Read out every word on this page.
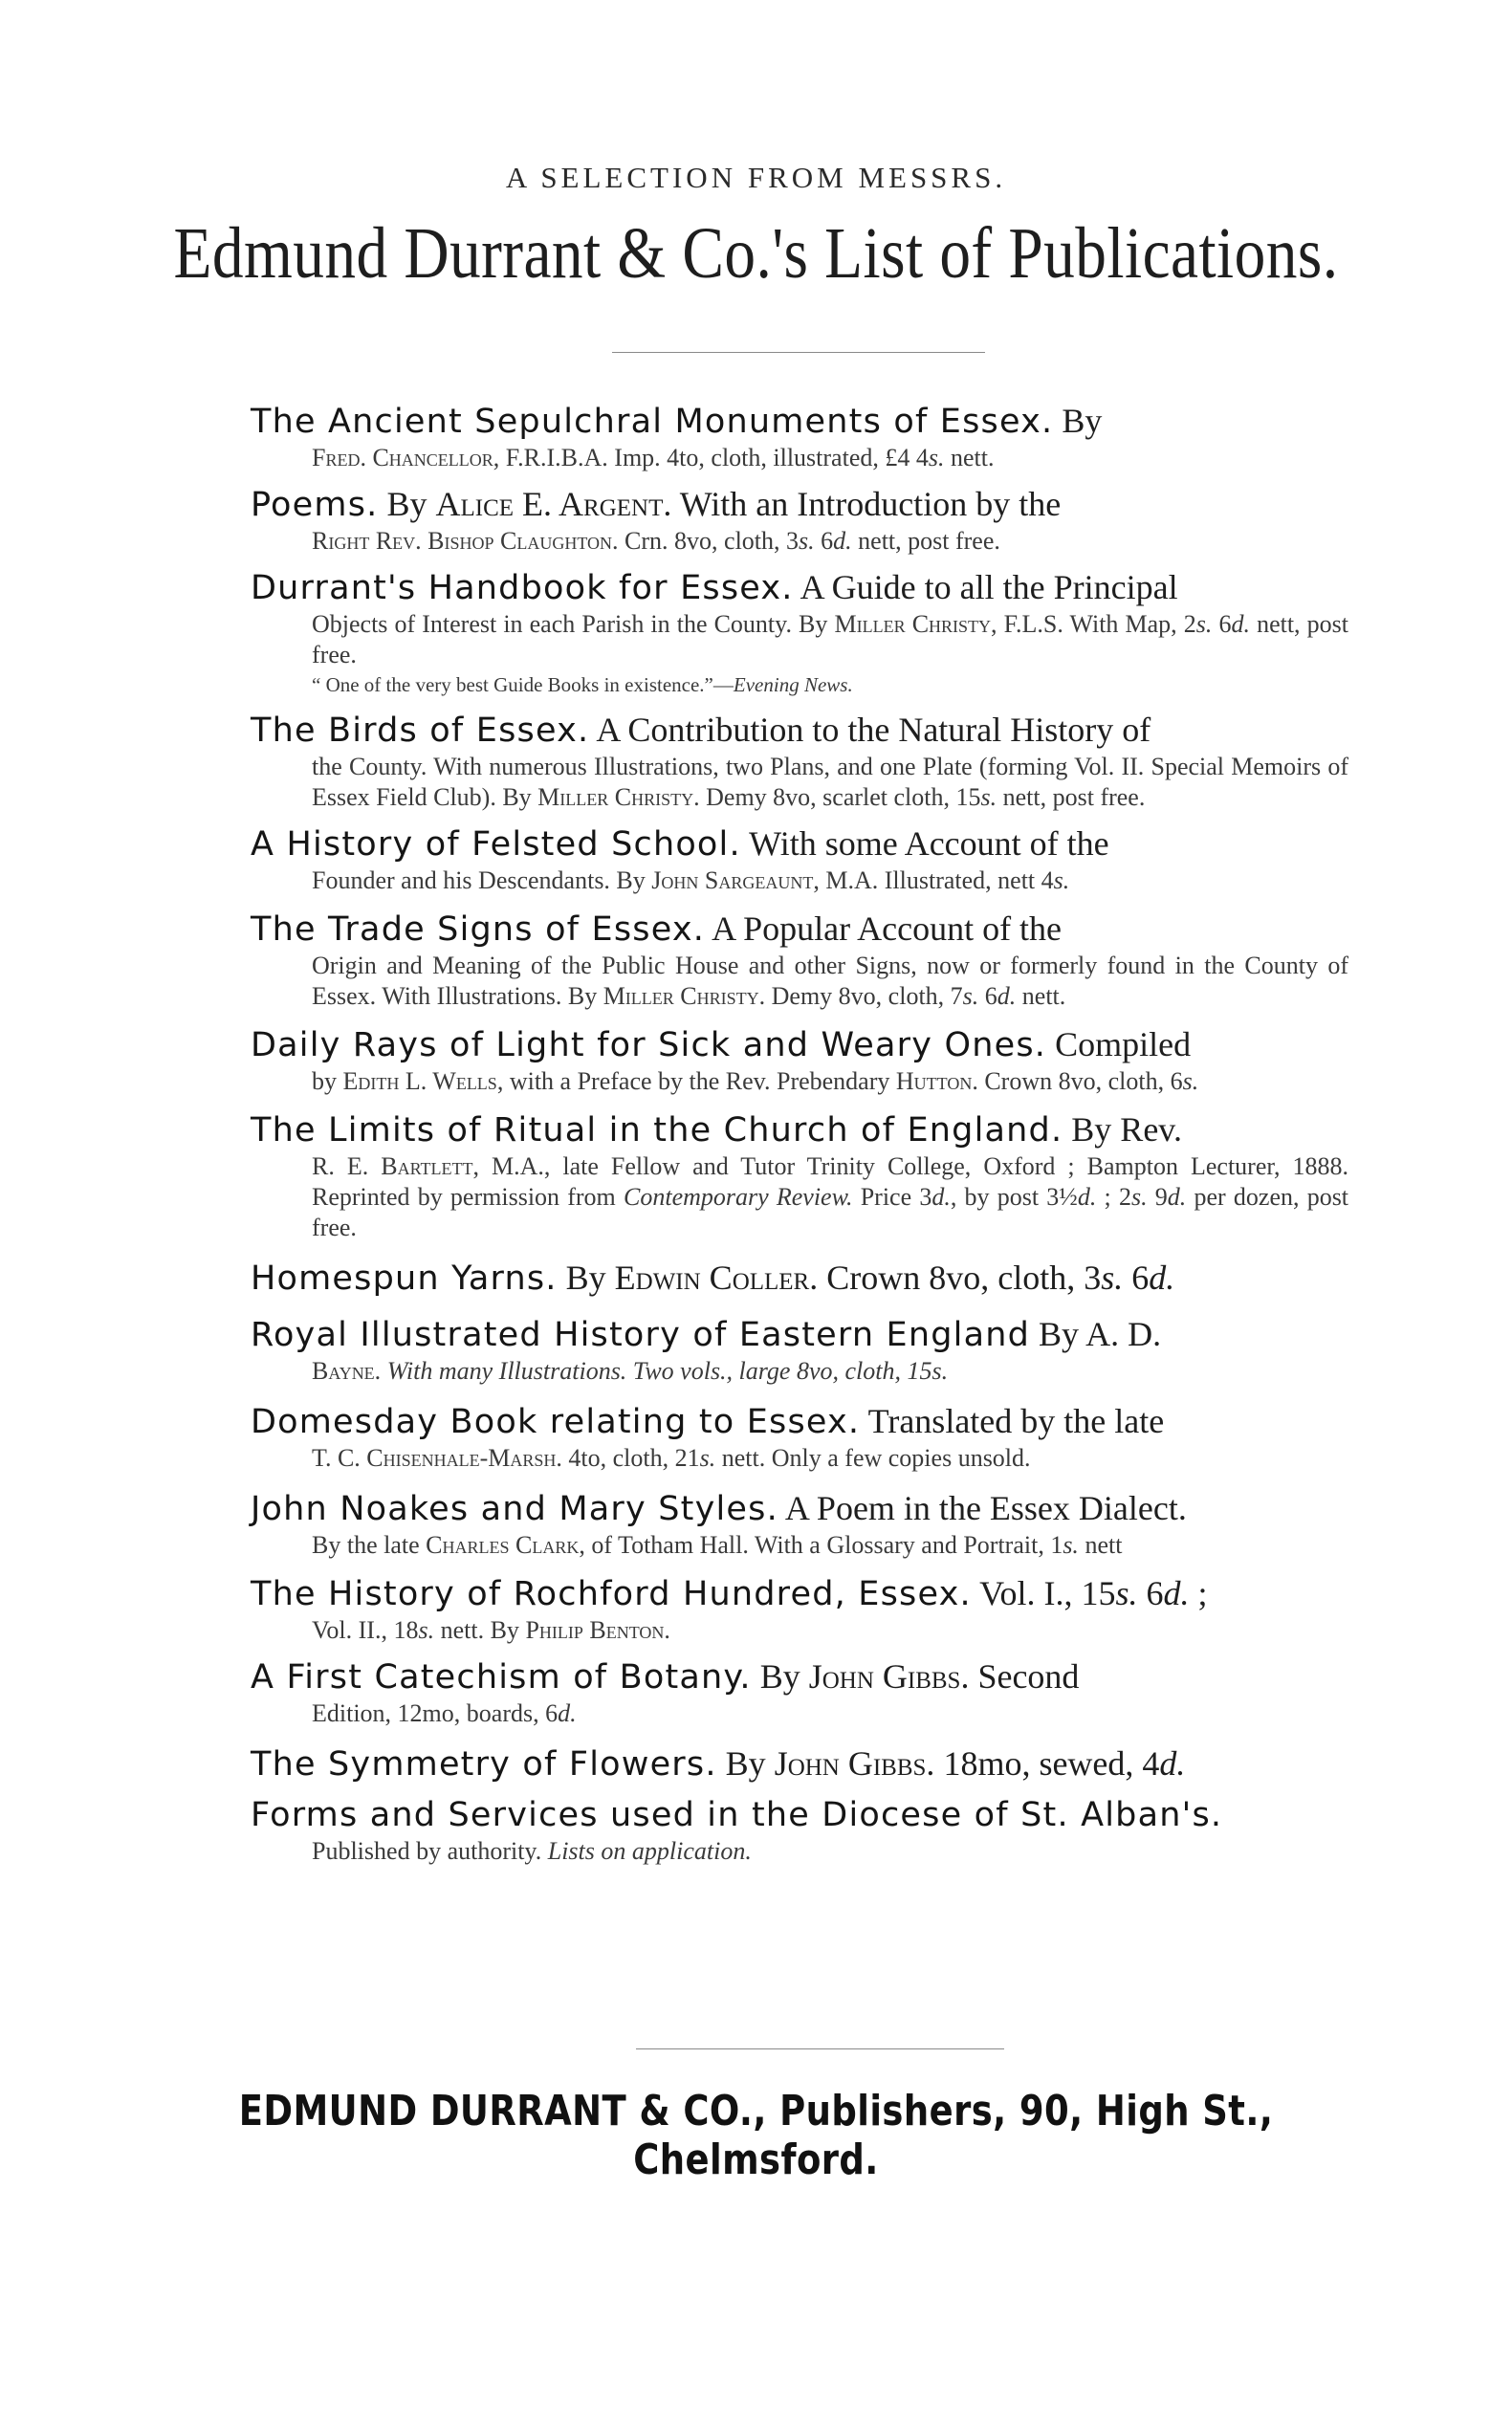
A SELECTION FROM MESSRS.
Edmund Durrant & Co.'s List of Publications.

The Ancient Sepulchral Monuments of Essex. By

Fred. Chancellor, F.R.I.B.A. Imp. 4to, cloth, illustrated, £4 4s. nett.

Poems. By Alice E. Argent. With an Introduction by the

Right Rev. Bishop Claughton. Crn. 8vo, cloth, 3s. 6d. nett, post free.

Durrant's Handbook for Essex. A Guide to all the Principal

Objects of Interest in each Parish in the County. By Miller Christy, F.L.S. With Map, 2s. 6d. nett, post free.

“ One of the very best Guide Books in existence.”—Evening News.

The Birds of Essex. A Contribution to the Natural History of

the County. With numerous Illustrations, two Plans, and one Plate (forming Vol. II. Special Memoirs of Essex Field Club). By Miller Christy. Demy 8vo, scarlet cloth, 15s. nett, post free.

A History of Felsted School. With some Account of the

Founder and his Descendants. By John Sargeaunt, M.A. Illustrated, nett 4s.

The Trade Signs of Essex. A Popular Account of the

Origin and Meaning of the Public House and other Signs, now or formerly found in the County of Essex. With Illustrations. By Miller Christy. Demy 8vo, cloth, 7s. 6d. nett.

Daily Rays of Light for Sick and Weary Ones. Compiled

by Edith L. Wells, with a Preface by the Rev. Prebendary Hutton. Crown 8vo, cloth, 6s.

The Limits of Ritual in the Church of England. By Rev.

R. E. Bartlett, M.A., late Fellow and Tutor Trinity College, Oxford ; Bampton Lecturer, 1888. Reprinted by permission from Contemporary Review. Price 3d., by post 3½d. ; 2s. 9d. per dozen, post free.

Homespun Yarns. By Edwin Coller. Crown 8vo, cloth, 3s. 6d.

Royal Illustrated History of Eastern England By A. D.

Bayne. With many Illustrations. Two vols., large 8vo, cloth, 15s.

Domesday Book relating to Essex. Translated by the late

T. C. Chisenhale-Marsh. 4to, cloth, 21s. nett. Only a few copies unsold.

John Noakes and Mary Styles. A Poem in the Essex Dialect.

By the late Charles Clark, of Totham Hall. With a Glossary and Portrait, 1s. nett

The History of Rochford Hundred, Essex. Vol. I., 15s. 6d. ;

Vol. II., 18s. nett. By Philip Benton.

A First Catechism of Botany. By John Gibbs. Second

Edition, 12mo, boards, 6d.

The Symmetry of Flowers. By John Gibbs. 18mo, sewed, 4d.

Forms and Services used in the Diocese of St. Alban's.

Published by authority. Lists on application.

EDMUND DURRANT & CO., Publishers, 90, High St., Chelmsford.
